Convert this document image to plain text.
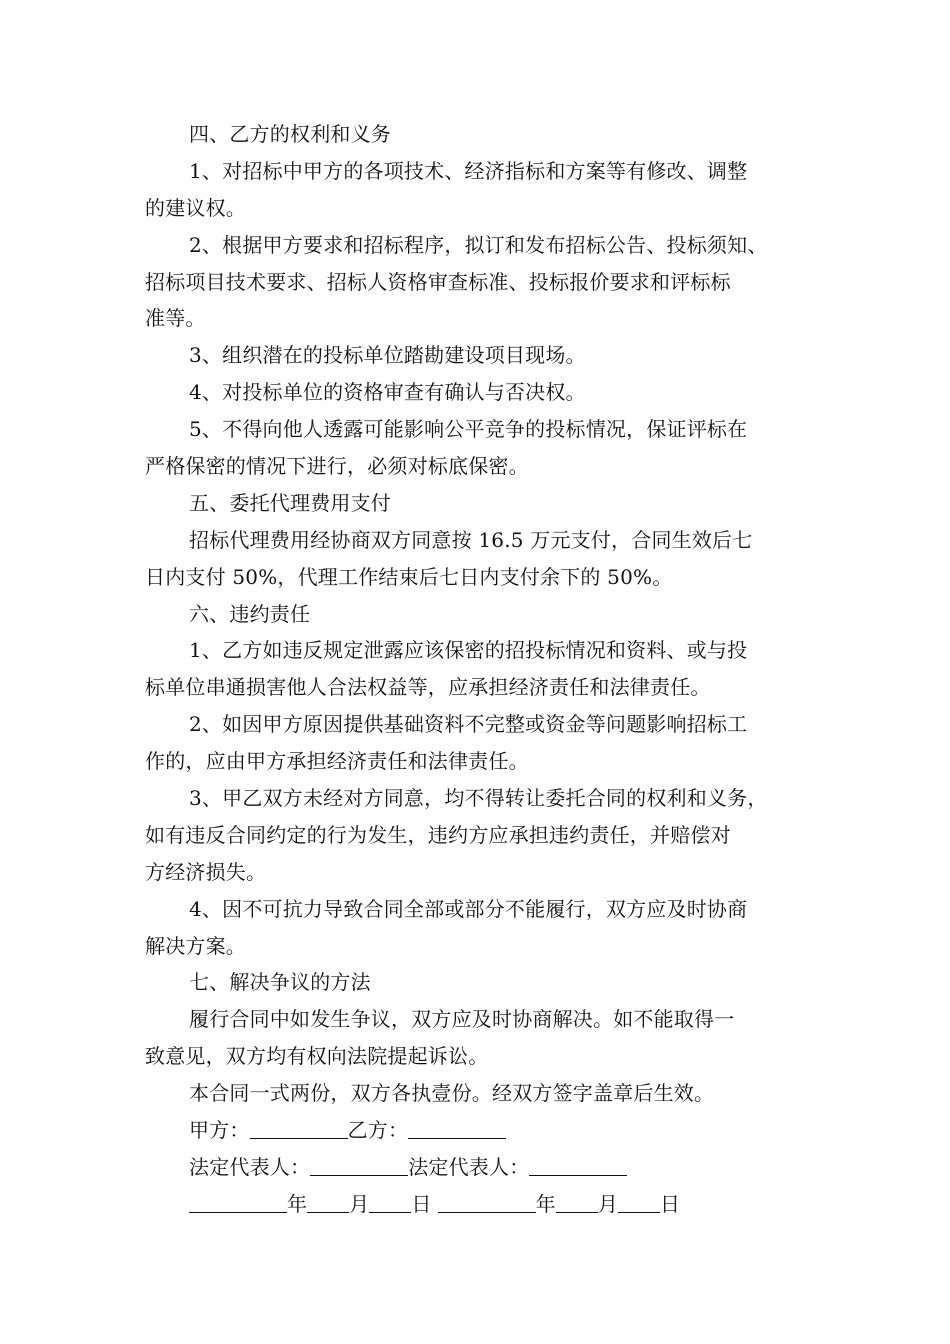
四、乙方的权利和义务
1、对招标中甲方的各项技术、经济指标和方案等有修改、调整
的建议权。
2、根据甲方要求和招标程序，拟订和发布招标公告、投标须知、
招标项目技术要求、招标人资格审查标准、投标报价要求和评标标
准等。
3、组织潜在的投标单位踏勘建设项目现场。
4、对投标单位的资格审查有确认与否决权。
5、不得向他人透露可能影响公平竞争的投标情况，保证评标在
严格保密的情况下进行，必须对标底保密。
五、委托代理费用支付
招标代理费用经协商双方同意按 16.5 万元支付，合同生效后七
日内支付 50%，代理工作结束后七日内支付余下的 50%。
六、违约责任
1、乙方如违反规定泄露应该保密的招投标情况和资料、或与投
标单位串通损害他人合法权益等，应承担经济责任和法律责任。
2、如因甲方原因提供基础资料不完整或资金等问题影响招标工
作的，应由甲方承担经济责任和法律责任。
3、甲乙双方未经对方同意，均不得转让委托合同的权利和义务，
如有违反合同约定的行为发生，违约方应承担违约责任，并赔偿对
方经济损失。
4、因不可抗力导致合同全部或部分不能履行，双方应及时协商
解决方案。
七、解决争议的方法
履行合同中如发生争议，双方应及时协商解决。如不能取得一
致意见，双方均有权向法院提起诉讼。
本合同一式两份，双方各执壹份。经双方签字盖章后生效。
甲方：	乙方：
法定代表人：	法定代表人：
年 月 日	年 月 日
